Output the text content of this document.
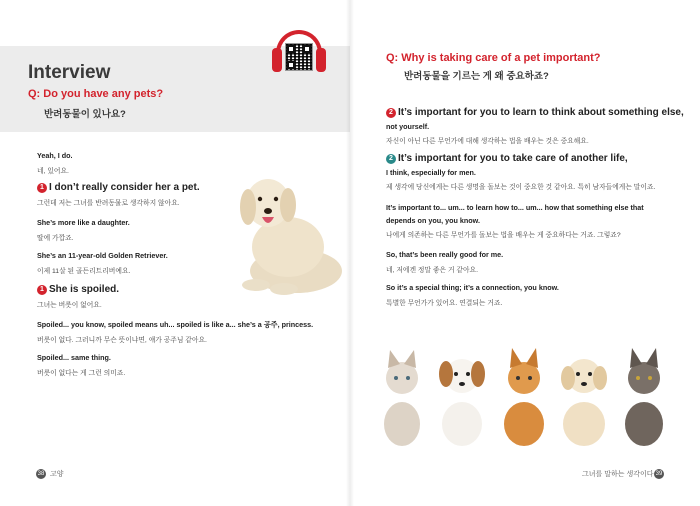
Interview
Q: Do you have any pets?
반려동물이 있나요?
Yeah, I do.
네, 있어요.
1 I don’t really consider her a pet.
그런데 저는 그녀를 반려동물로 생각하지 않아요.
She’s more like a daughter.
딸에 가깝죠.
She’s an 11-year-old Golden Retriever.
이제 11살 된 골든리트리버예요.
1 She is spoiled.
그녀는 버릇이 없어요.
Spoiled... you know, spoiled means uh... spoiled is like a... she’s a 공주, princess.
버릇이 없다. 그러니까 무슨 뜻이냐면, 얘가 공주님 같아요.
Spoiled... same thing.
버릇이 없다는 게 그런 의미죠.
38 고양
Q: Why is taking care of a pet important?
반려동물을 기르는 게 왜 중요하죠?
2 It’s important for you to learn to think about something else,
not yourself.
자신이 아닌 다른 무언가에 대해 생각하는 법을 배우는 것은 중요해요.
2 It’s important for you to take care of another life,
I think, especially for men.
제 생각에 당신에게는 다른 생명을 돌보는 것이 중요한 것 같아요. 특히 남자들에게는 말이죠.
It’s important to... um... to learn how to... um... how that something else that
depends on you, you know.
나에게 의존하는 다른 무언가를 돌보는 법을 배우는 게 중요하다는 거죠. 그렇죠?
So, that’s been really good for me.
네, 저에겐 정말 좋은 거 같아요.
So it’s a special thing; it’s a connection, you know.
특별한 무언가가 있어요. 연결되는 거죠.
그녀를 말하는 생각이다 39
